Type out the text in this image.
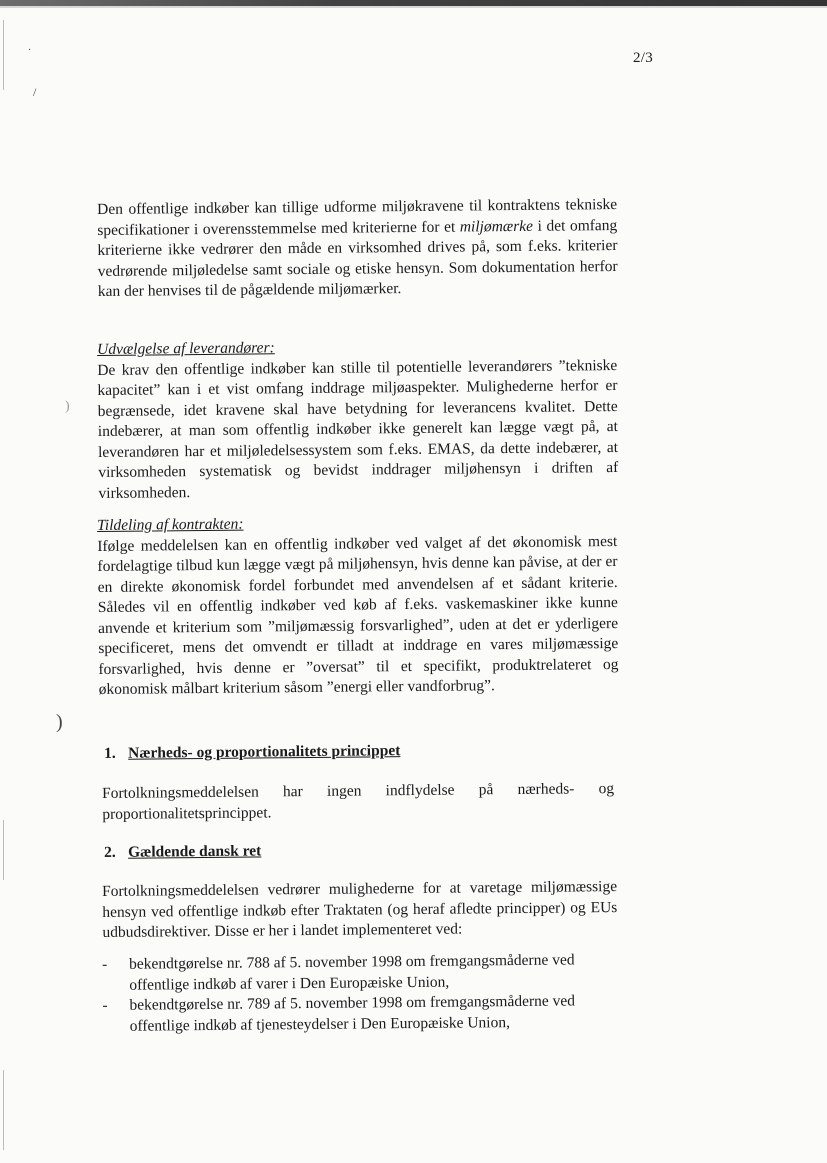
·
/
)
)
2/3
Den offentlige indkøber kan tillige udforme miljøkravene til kontraktens tekniske specifikationer i overensstemmelse med kriterierne for et miljømærke i det omfang kriterierne ikke vedrører den måde en virksomhed drives på, som f.eks. kriterier vedrørende miljøledelse samt sociale og etiske hensyn. Som dokumentation herfor kan der henvises til de pågældende miljømærker.
Udvælgelse af leverandører:
De krav den offentlige indkøber kan stille til potentielle leverandørers ”tekniske kapacitet” kan i et vist omfang inddrage miljøaspekter. Mulighederne herfor er begrænsede, idet kravene skal have betydning for leverancens kvalitet. Dette indebærer, at man som offentlig indkøber ikke generelt kan lægge vægt på, at leverandøren har et miljøledelsessystem som f.eks. EMAS, da dette indebærer, at virksomheden systematisk og bevidst inddrager miljøhensyn i driften af virksomheden.
Tildeling af kontrakten:
Ifølge meddelelsen kan en offentlig indkøber ved valget af det økonomisk mest fordelagtige tilbud kun lægge vægt på miljøhensyn, hvis denne kan påvise, at der er en direkte økonomisk fordel forbundet med anvendelsen af et sådant kriterie. Således vil en offentlig indkøber ved køb af f.eks. vaskemaskiner ikke kunne anvende et kriterium som ”miljømæssig forsvarlighed”, uden at det er yderligere specificeret, mens det omvendt er tilladt at inddrage en vares miljømæssige forsvarlighed, hvis denne er ”oversat” til et specifikt, produktrelateret og økonomisk målbart kriterium såsom ”energi eller vandforbrug”.
1. Nærheds- og proportionalitets princippet
Fortolkningsmeddelelsen har ingen indflydelse på nærheds- og proportionalitetsprincippet.
2. Gældende dansk ret
Fortolkningsmeddelelsen vedrører mulighederne for at varetage miljømæssige hensyn ved offentlige indkøb efter Traktaten (og heraf afledte principper) og EUs udbudsdirektiver. Disse er her i landet implementeret ved:
- bekendtgørelse nr. 788 af 5. november 1998 om fremgangsmåderne ved offentlige indkøb af varer i Den Europæiske Union,
- bekendtgørelse nr. 789 af 5. november 1998 om fremgangsmåderne ved offentlige indkøb af tjenesteydelser i Den Europæiske Union,
